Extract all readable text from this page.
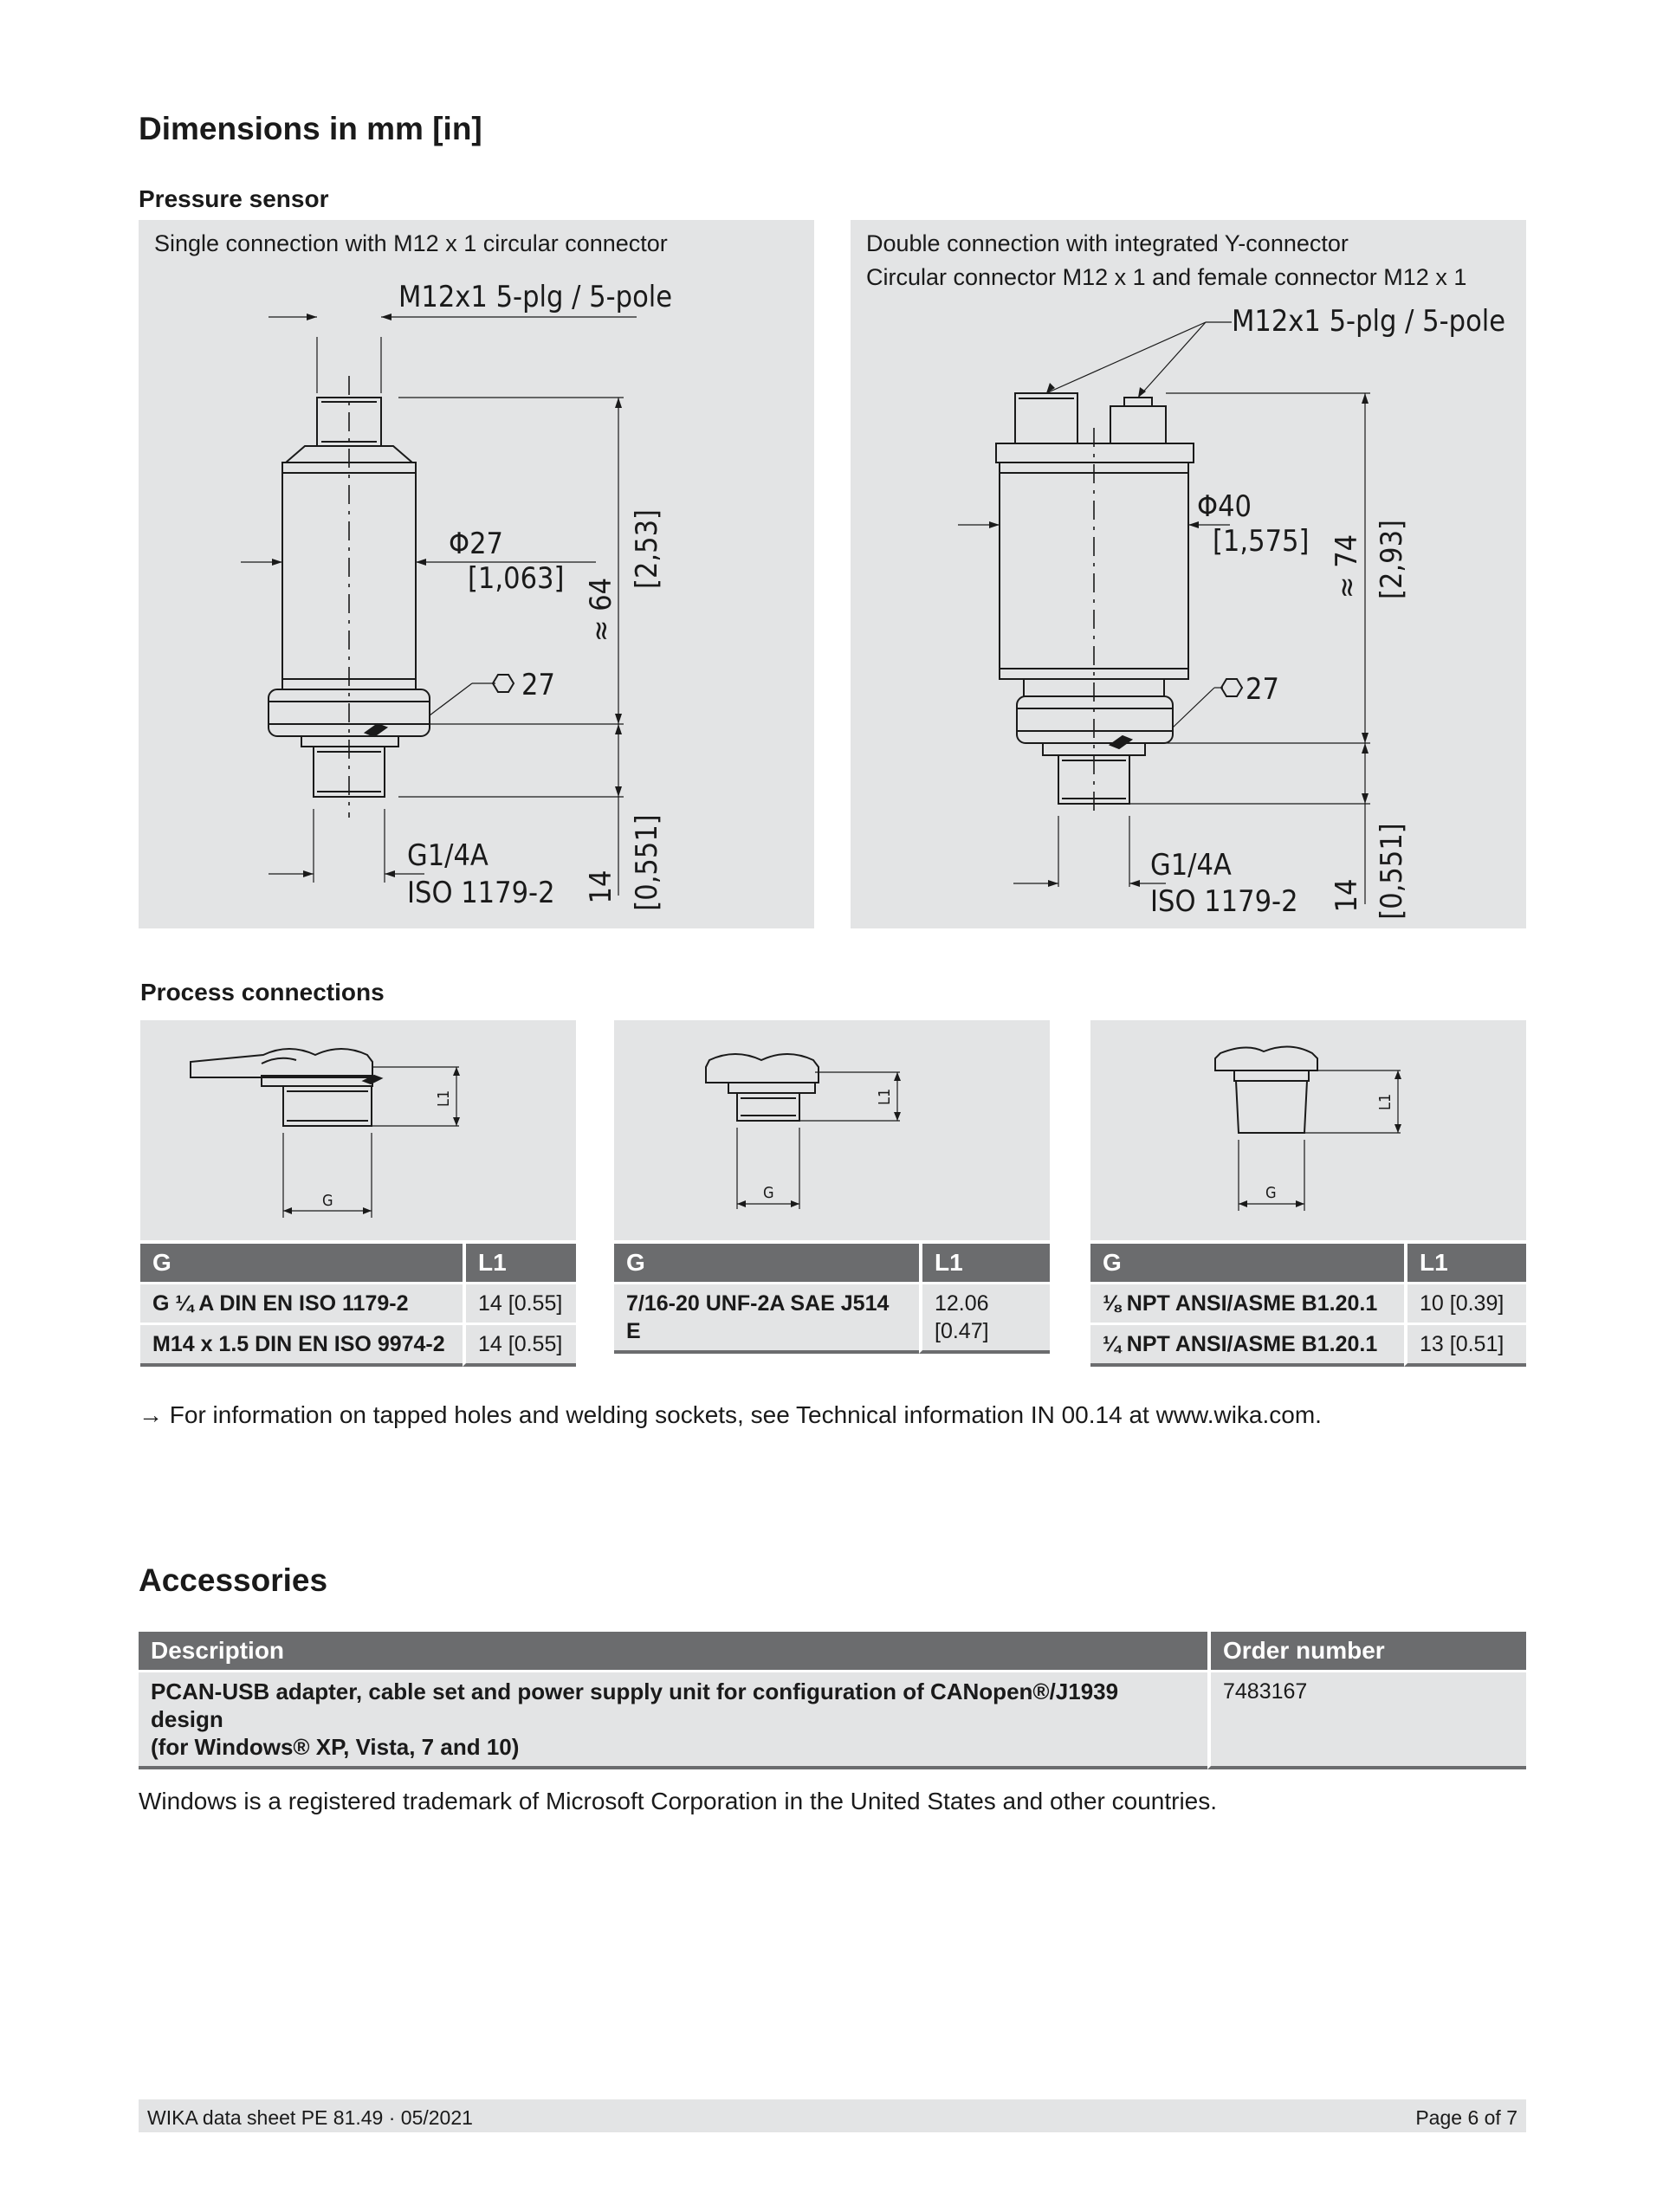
Dimensions in mm [in]
Pressure sensor
Single connection with M12 x 1 circular connector
M12x1 5-plg / 5-pole
Φ27
[1,063]
27
G1/4A
ISO 1179-2
≈ 64
[2,53]
14 [0,551]
Double connection with integrated Y-connector
Circular connector M12 x 1 and female connector M12 x 1
M12x1 5-plg / 5-pole
Φ40
[1,575]
27
G1/4A
ISO 1179-2
≈ 74 [2,93]
14 [0,551]
Process connections
G
L1
G
L1
G
L1
G	L1
G ¼ A DIN EN ISO 1179-2	14 [0.55]
M14 x 1.5 DIN EN ISO 9974-2	14 [0.55]
G	L1
7/16-20 UNF-2A SAE J514 E	12.06
[0.47]
G	L1
⅛ NPT ANSI/ASME B1.20.1	10 [0.39]
¼ NPT ANSI/ASME B1.20.1	13 [0.51]
→ For information on tapped holes and welding sockets, see Technical information IN 00.14 at www.wika.com.
Accessories
Description	Order number

PCAN-USB adapter, cable set and power supply unit for configuration of CANopen®/J1939 design
(for Windows® XP, Vista, 7 and 10)	7483167
Windows is a registered trademark of Microsoft Corporation in the United States and other countries.
WIKA data sheet PE 81.49 · 05/2021	Page 6 of 7
